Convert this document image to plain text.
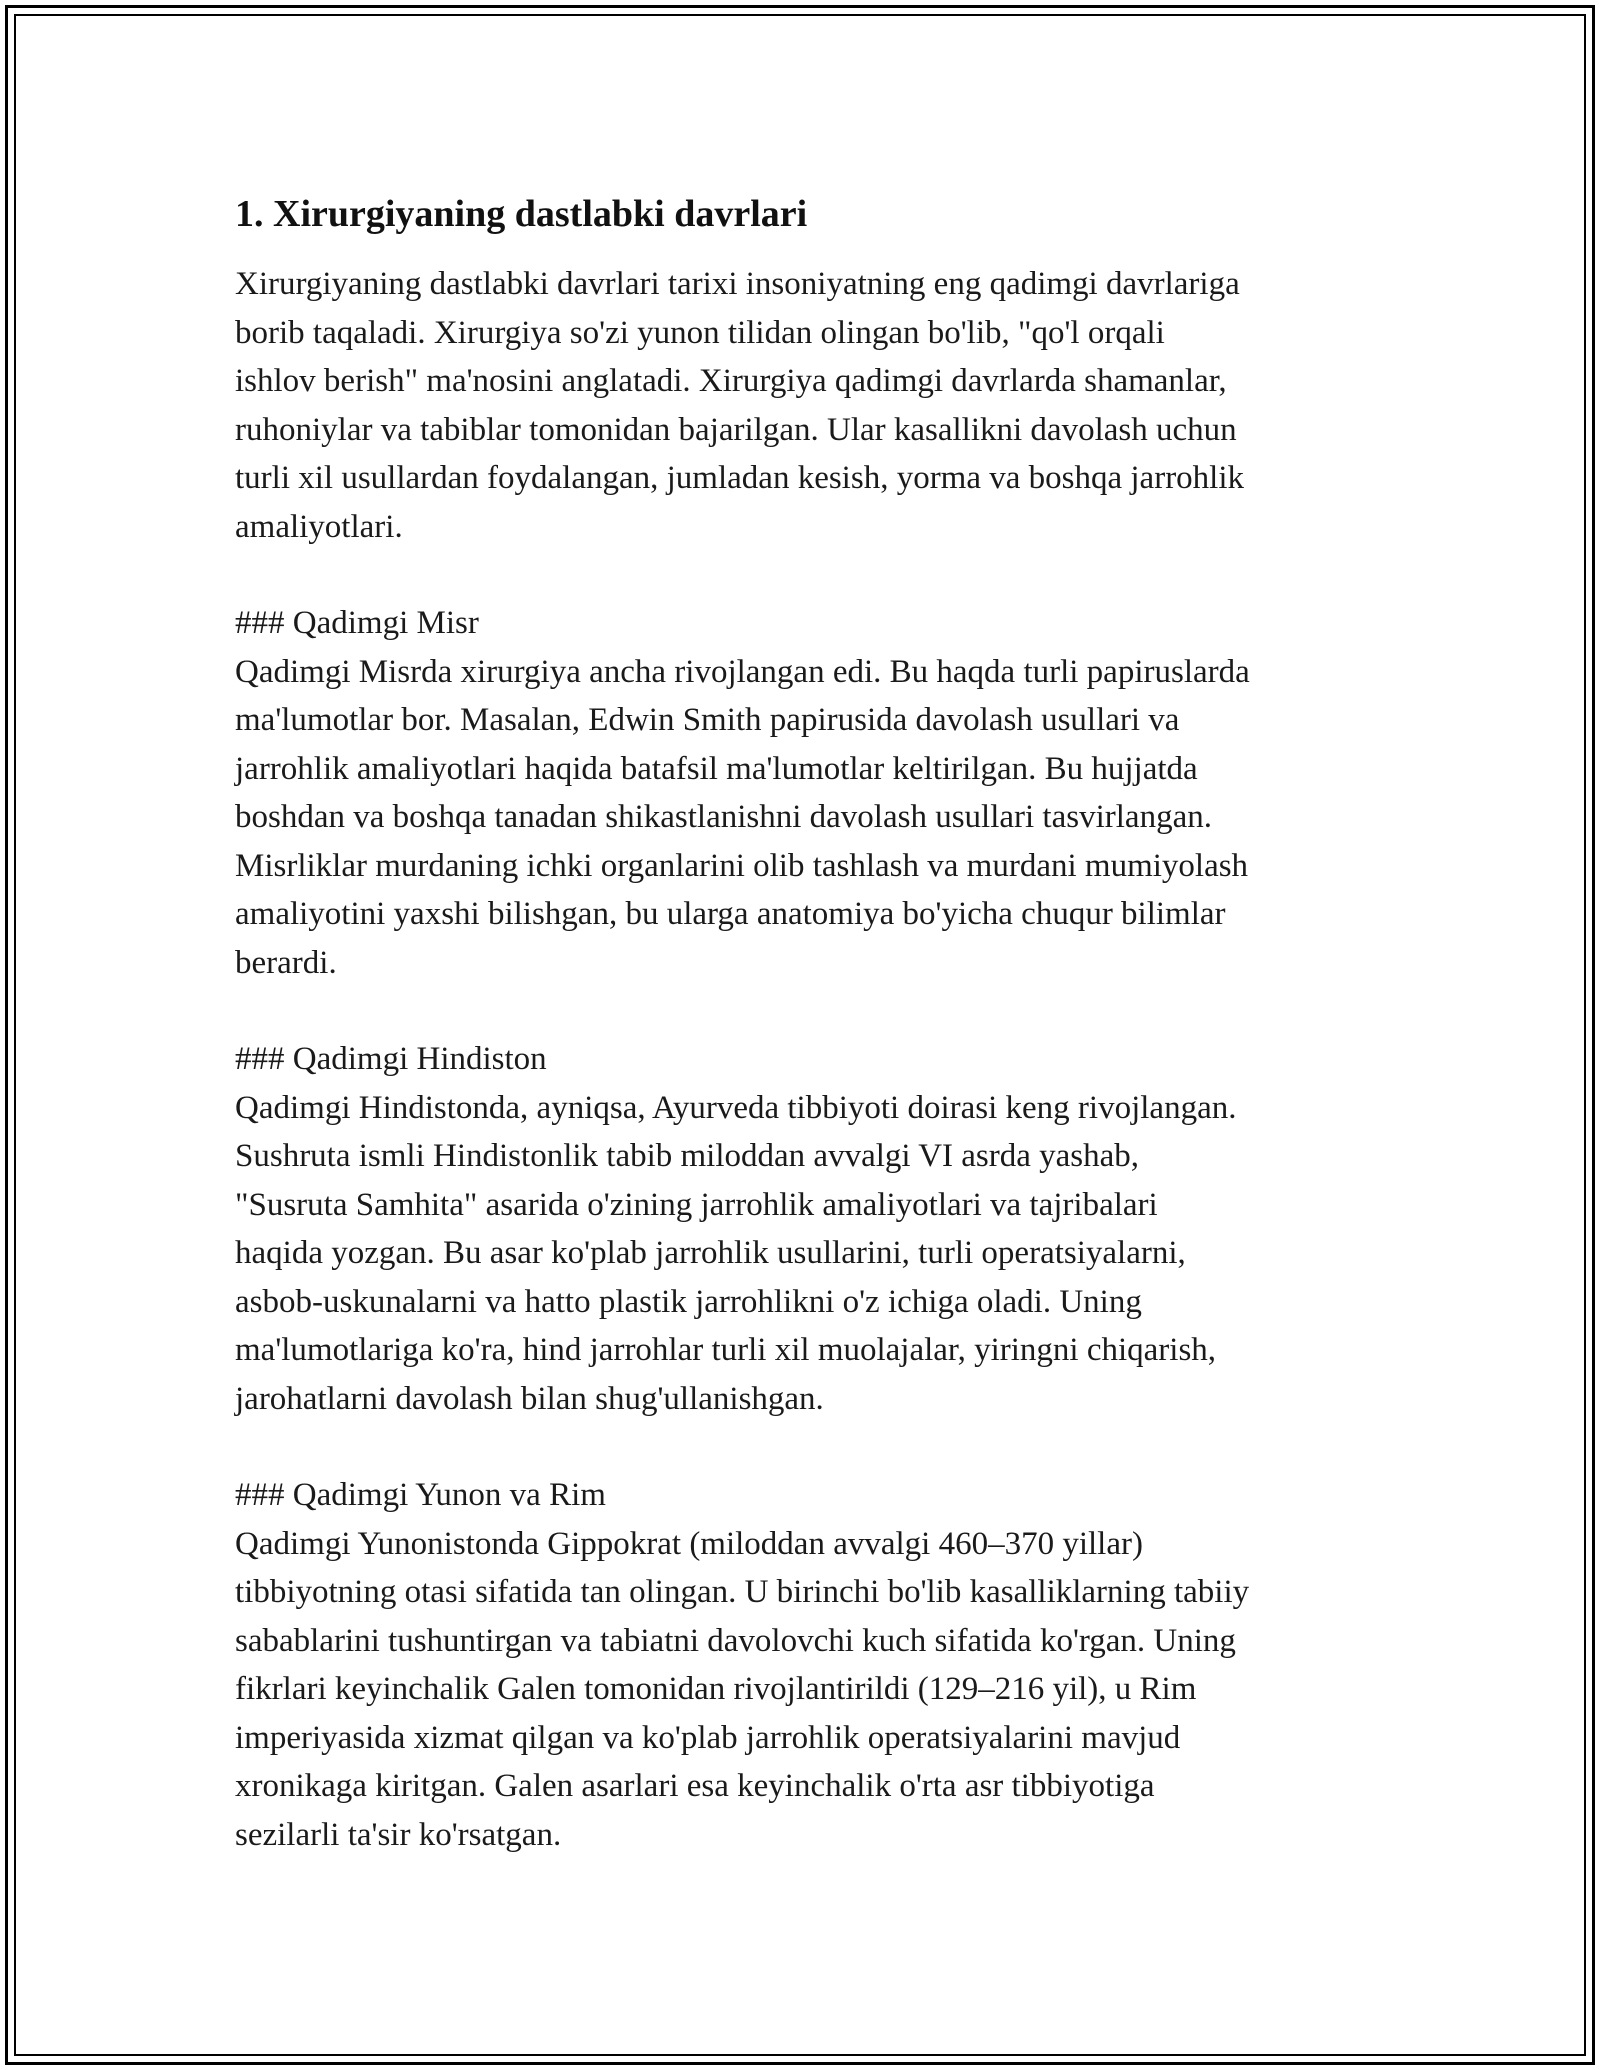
1. Xirurgiyaning dastlabki davrlari

Xirurgiyaning dastlabki davrlari tarixi insoniyatning eng qadimgi davrlariga
borib taqaladi. Xirurgiya so'zi yunon tilidan olingan bo'lib, "qo'l orqali
ishlov berish" ma'nosini anglatadi. Xirurgiya qadimgi davrlarda shamanlar,
ruhoniylar va tabiblar tomonidan bajarilgan. Ular kasallikni davolash uchun
turli xil usullardan foydalangan, jumladan kesish, yorma va boshqa jarrohlik
amaliyotlari.

### Qadimgi Misr

Qadimgi Misrda xirurgiya ancha rivojlangan edi. Bu haqda turli papiruslarda
ma'lumotlar bor. Masalan, Edwin Smith papirusida davolash usullari va
jarrohlik amaliyotlari haqida batafsil ma'lumotlar keltirilgan. Bu hujjatda
boshdan va boshqa tanadan shikastlanishni davolash usullari tasvirlangan.
Misrliklar murdaning ichki organlarini olib tashlash va murdani mumiyolash
amaliyotini yaxshi bilishgan, bu ularga anatomiya bo'yicha chuqur bilimlar
berardi.

### Qadimgi Hindiston

Qadimgi Hindistonda, ayniqsa, Ayurveda tibbiyoti doirasi keng rivojlangan.
Sushruta ismli Hindistonlik tabib miloddan avvalgi VI asrda yashab,
"Susruta Samhita" asarida o'zining jarrohlik amaliyotlari va tajribalari
haqida yozgan. Bu asar ko'plab jarrohlik usullarini, turli operatsiyalarni,
asbob-uskunalarni va hatto plastik jarrohlikni o'z ichiga oladi. Uning
ma'lumotlariga ko'ra, hind jarrohlar turli xil muolajalar, yiringni chiqarish,
jarohatlarni davolash bilan shug'ullanishgan.

### Qadimgi Yunon va Rim

Qadimgi Yunonistonda Gippokrat (miloddan avvalgi 460–370 yillar)
tibbiyotning otasi sifatida tan olingan. U birinchi bo'lib kasalliklarning tabiiy
sabablarini tushuntirgan va tabiatni davolovchi kuch sifatida ko'rgan. Uning
fikrlari keyinchalik Galen tomonidan rivojlantirildi (129–216 yil), u Rim
imperiyasida xizmat qilgan va ko'plab jarrohlik operatsiyalarini mavjud
xronikaga kiritgan. Galen asarlari esa keyinchalik o'rta asr tibbiyotiga
sezilarli ta'sir ko'rsatgan.
